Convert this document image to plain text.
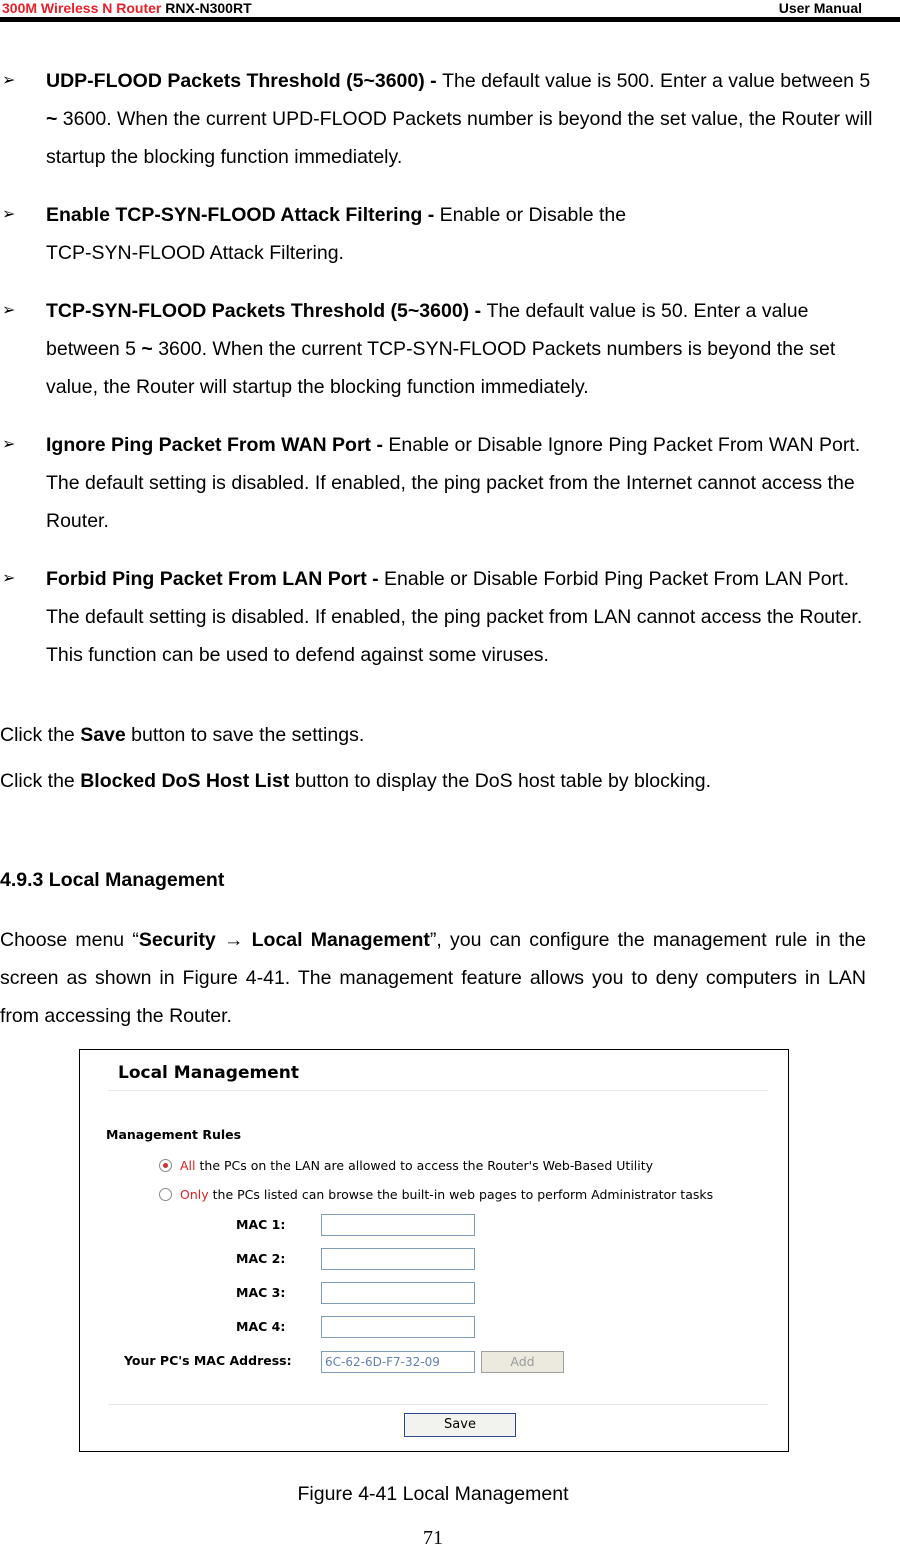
300M Wireless N Router RNX-N300RT	User Manual
➢ UDP-FLOOD Packets Threshold (5~3600) - The default value is 500. Enter a value between 5 ~ 3600. When the current UPD-FLOOD Packets number is beyond the set value, the Router will startup the blocking function immediately.
➢ Enable TCP-SYN-FLOOD Attack Filtering - Enable or Disable the
TCP-SYN-FLOOD Attack Filtering.
➢ TCP-SYN-FLOOD Packets Threshold (5~3600) - The default value is 50. Enter a value between 5 ~ 3600. When the current TCP-SYN-FLOOD Packets numbers is beyond the set value, the Router will startup the blocking function immediately.
➢ Ignore Ping Packet From WAN Port - Enable or Disable Ignore Ping Packet From WAN Port. The default setting is disabled. If enabled, the ping packet from the Internet cannot access the Router.
➢ Forbid Ping Packet From LAN Port - Enable or Disable Forbid Ping Packet From LAN Port. The default setting is disabled. If enabled, the ping packet from LAN cannot access the Router. This function can be used to defend against some viruses.
Click the Save button to save the settings.
Click the Blocked DoS Host List button to display the DoS host table by blocking.
4.9.3 Local Management
Choose menu “Security → Local Management”, you can configure the management rule in the screen as shown in Figure 4-41. The management feature allows you to deny computers in LAN from accessing the Router.
Local Management
Management Rules
All the PCs on the LAN are allowed to access the Router's Web-Based Utility
Only the PCs listed can browse the built-in web pages to perform Administrator tasks
MAC 1:
MAC 2:
MAC 3:
MAC 4:
Your PC's MAC Address:	6C-62-6D-F7-32-09	Add
Save
Figure 4-41 Local Management
71
